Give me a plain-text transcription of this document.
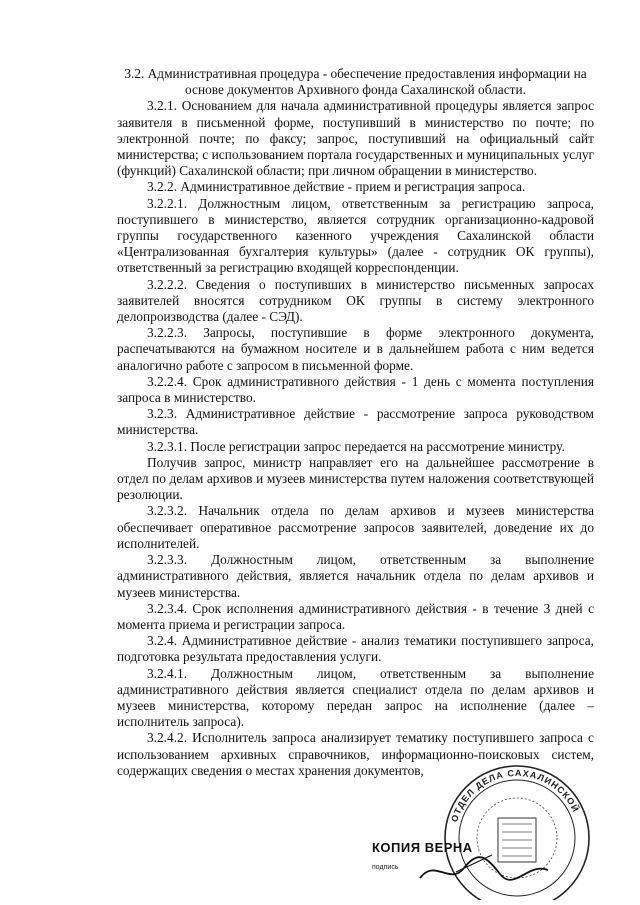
3.2. Административная процедура - обеспечение предоставления информации на основе документов Архивного фонда Сахалинской области.

3.2.1. Основанием для начала административной процедуры является запрос заявителя в письменной форме, поступивший в министерство по почте; по электронной почте; по факсу; запрос, поступивший на официальный сайт министерства; с использованием портала государственных и муниципальных услуг (функций) Сахалинской области; при личном обращении в министерство.

3.2.2. Административное действие - прием и регистрация запроса.

3.2.2.1. Должностным лицом, ответственным за регистрацию запроса, поступившего в министерство, является сотрудник организационно-кадровой группы государственного казенного учреждения Сахалинской области «Централизованная бухгалтерия культуры» (далее - сотрудник ОК группы), ответственный за регистрацию входящей корреспонденции.

3.2.2.2. Сведения о поступивших в министерство письменных запросах заявителей вносятся сотрудником ОК группы в систему электронного делопроизводства (далее - СЭД).

3.2.2.3. Запросы, поступившие в форме электронного документа, распечатываются на бумажном носителе и в дальнейшем работа с ним ведется аналогично работе с запросом в письменной форме.

3.2.2.4. Срок административного действия - 1 день с момента поступления запроса в министерство.

3.2.3. Административное действие - рассмотрение запроса руководством министерства.

3.2.3.1. После регистрации запрос передается на рассмотрение министру.

Получив запрос, министр направляет его на дальнейшее рассмотрение в отдел по делам архивов и музеев министерства путем наложения соответствующей резолюции.

3.2.3.2. Начальник отдела по делам архивов и музеев министерства обеспечивает оперативное рассмотрение запросов заявителей, доведение их до исполнителей.

3.2.3.3. Должностным лицом, ответственным за выполнение административного действия, является начальник отдела по делам архивов и музеев министерства.

3.2.3.4. Срок исполнения административного действия - в течение 3 дней с момента приема и регистрации запроса.

3.2.4. Административное действие - анализ тематики поступившего запроса, подготовка результата предоставления услуги.

3.2.4.1. Должностным лицом, ответственным за выполнение административного действия является специалист отдела по делам архивов и музеев министерства, которому передан запрос на исполнение (далее – исполнитель запроса).

3.2.4.2. Исполнитель запроса анализирует тематику поступившего запроса с использованием архивных справочников, информационно-поисковых систем, содержащих сведения о местах хранения документов,

ОТДЕЛ ДЕЛА САХАЛИНСКОЙ
КОПИЯ ВЕРНА
подпись
